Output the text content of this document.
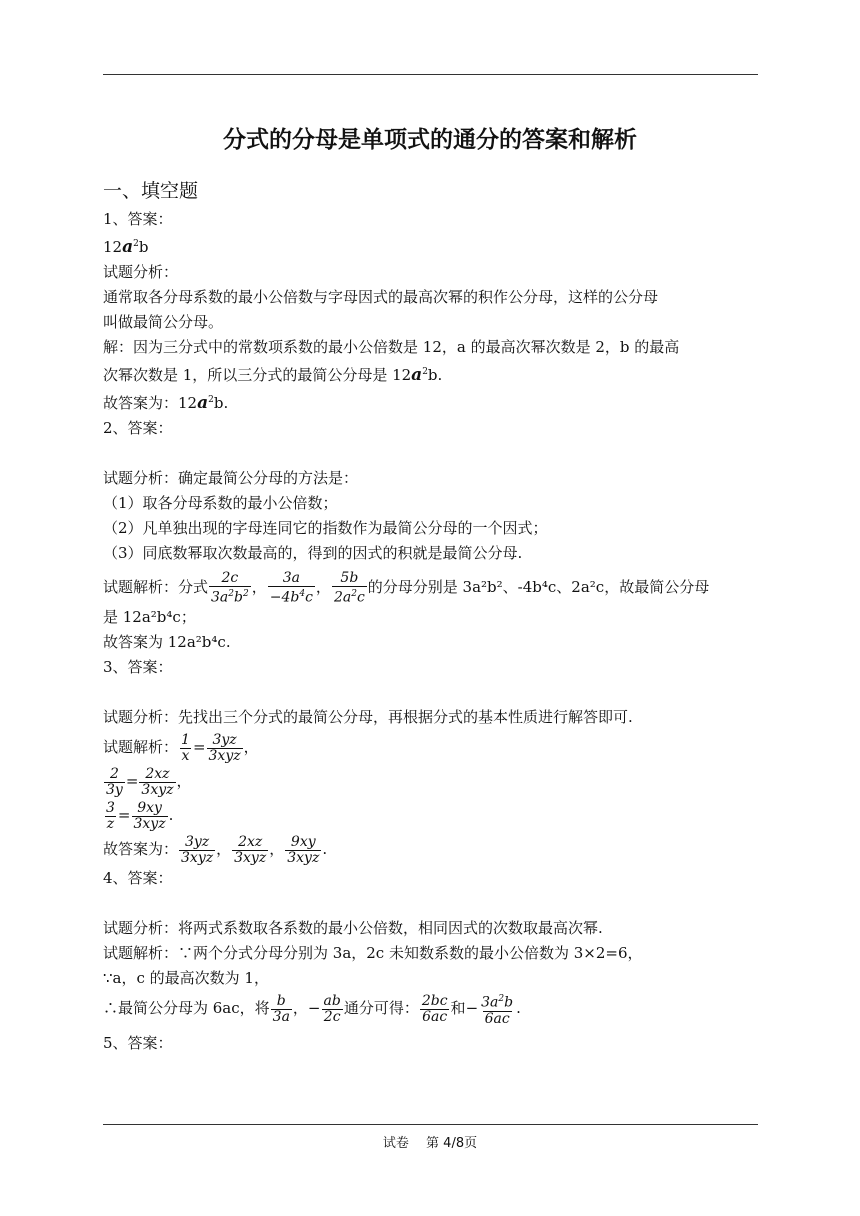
分式的分母是单项式的通分的答案和解析
一、填空题

1、答案：

$12a^2b$

试题分析：

通常取各分母系数的最小公倍数与字母因式的最高次幂的积作公分母，这样的公分母

叫做最简公分母。

解：因为三分式中的常数项系数的最小公倍数是 12，a 的最高次幂次数是 2，b 的最高

次幂次数是 1，所以三分式的最简公分母是 $12a^2b$.

故答案为：$12a^2b$.

2、答案：

试题分析：确定最简公分母的方法是：

（1）取各分母系数的最小公倍数；

（2）凡单独出现的字母连同它的指数作为最简公分母的一个因式；

（3）同底数幂取次数最高的，得到的因式的积就是最简公分母.

试题解析：分式 $\frac{2c}{3a^2b^2}$ ， $\frac{3a}{-4b^4c}$ ， $\frac{5b}{2a^2c}$ 的分母分别是 3a²b²、-4b⁴c、2a²c，故最简公分母

是 12a²b⁴c；

故答案为 12a²b⁴c.

3、答案：

试题分析：先找出三个分式的最简公分母，再根据分式的基本性质进行解答即可.

试题解析： $\frac{1}{x} = \frac{3yz}{\text{3xyz}}$ ，

$\frac{2}{3y} = \frac{2xz}{\text{3xyz}}$ ，

$\frac{3}{z} = \frac{9xy}{\text{3xyz}}$ .

故答案为： $\frac{3yz}{\text{3xyz}}$ ， $\frac{2xz}{\text{3xyz}}$ ， $\frac{9xy}{\text{3xyz}}$ .

4、答案：

试题分析：将两式系数取各系数的最小公倍数，相同因式的次数取最高次幂.

试题解析：∵两个分式分母分别为 3a，2c 未知数系数的最小公倍数为 3×2=6，

∵a，c 的最高次数为 1，

∴最简公分母为 6ac，将 $\frac{b}{3a}$ ，− $\frac{ab}{2c}$ 通分可得： $\frac{2bc}{6ac}$ 和− $\frac{3a^2b}{6ac}$ .

5、答案：

试卷　 第 4/8页
